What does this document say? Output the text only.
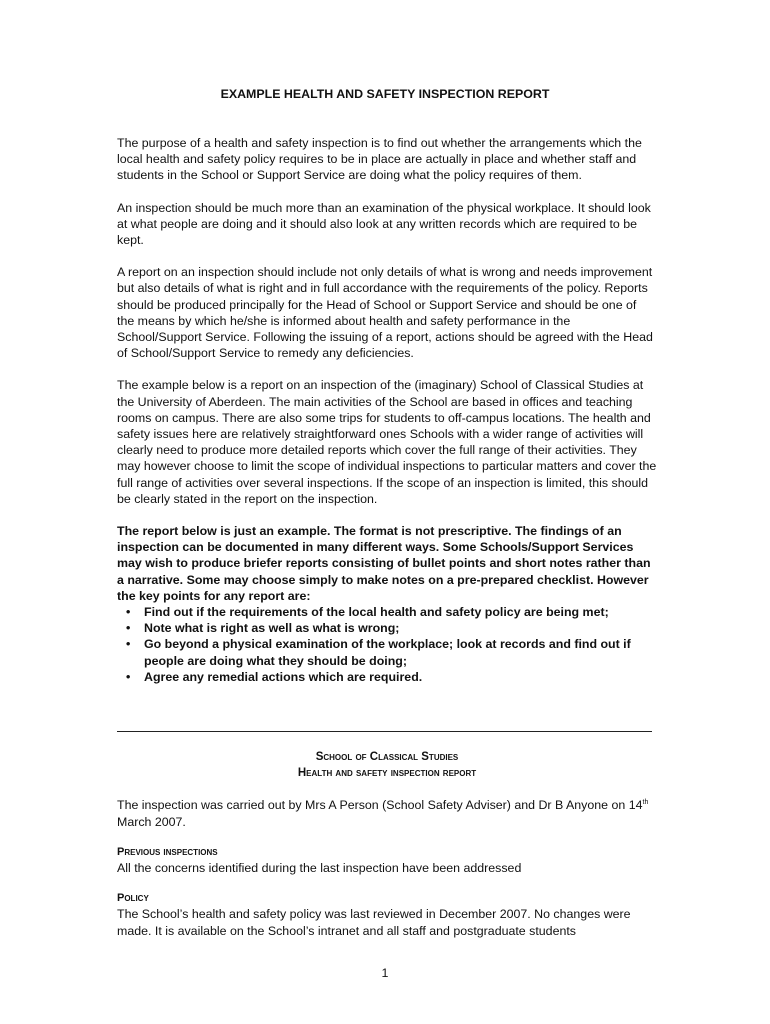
EXAMPLE HEALTH AND SAFETY INSPECTION REPORT

The purpose of a health and safety inspection is to find out whether the arrangements which the local health and safety policy requires to be in place are actually in place and whether staff and students in the School or Support Service are doing what the policy requires of them.

An inspection should be much more than an examination of the physical workplace. It should look at what people are doing and it should also look at any written records which are required to be kept.

A report on an inspection should include not only details of what is wrong and needs improvement but also details of what is right and in full accordance with the requirements of the policy. Reports should be produced principally for the Head of School or Support Service and should be one of the means by which he/she is informed about health and safety performance in the School/Support Service. Following the issuing of a report, actions should be agreed with the Head of School/Support Service to remedy any deficiencies.

The example below is a report on an inspection of the (imaginary) School of Classical Studies at the University of Aberdeen. The main activities of the School are based in offices and teaching rooms on campus. There are also some trips for students to off-campus locations. The health and safety issues here are relatively straightforward ones Schools with a wider range of activities will clearly need to produce more detailed reports which cover the full range of their activities. They may however choose to limit the scope of individual inspections to particular matters and cover the full range of activities over several inspections. If the scope of an inspection is limited, this should be clearly stated in the report on the inspection.

The report below is just an example. The format is not prescriptive. The findings of an inspection can be documented in many different ways. Some Schools/Support Services may wish to produce briefer reports consisting of bullet points and short notes rather than a narrative. Some may choose simply to make notes on a pre-prepared checklist. However the key points for any report are:

• Find out if the requirements of the local health and safety policy are being met;
• Note what is right as well as what is wrong;
• Go beyond a physical examination of the workplace; look at records and find out if people are doing what they should be doing;
• Agree any remedial actions which are required.
School of Classical Studies
Health and safety inspection report

The inspection was carried out by Mrs A Person (School Safety Adviser) and Dr B Anyone on 14th March 2007.

Previous inspections

All the concerns identified during the last inspection have been addressed

Policy

The School’s health and safety policy was last reviewed in December 2007. No changes were made. It is available on the School’s intranet and all staff and postgraduate students

1
